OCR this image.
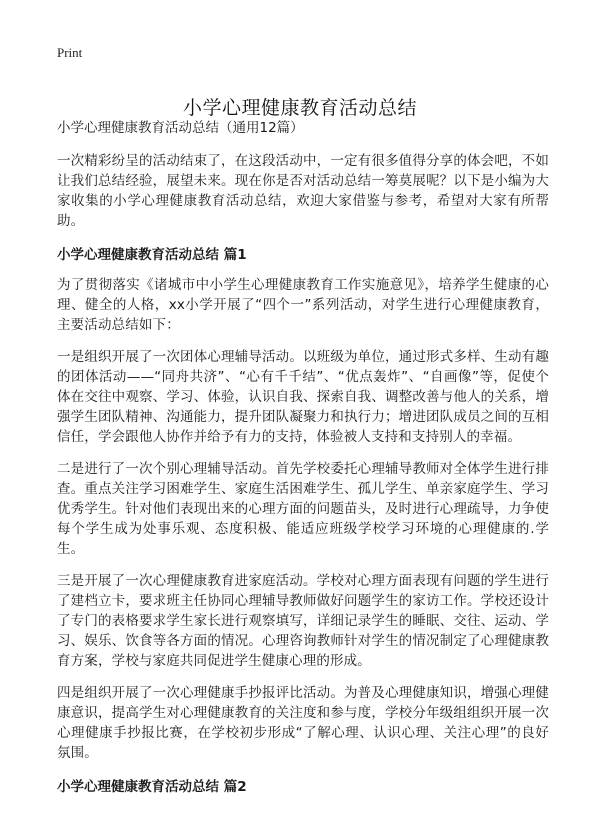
Print
小学心理健康教育活动总结
小学心理健康教育活动总结（通用12篇）

一次精彩纷呈的活动结束了，在这段活动中，一定有很多值得分享的体会吧，不如让我们总结经验，展望未来。现在你是否对活动总结一筹莫展呢？以下是小编为大家收集的小学心理健康教育活动总结，欢迎大家借鉴与参考，希望对大家有所帮助。

小学心理健康教育活动总结 篇1

为了贯彻落实《诸城市中小学生心理健康教育工作实施意见》，培养学生健康的心理、健全的人格，xx小学开展了“四个一”系列活动，对学生进行心理健康教育，主要活动总结如下：

一是组织开展了一次团体心理辅导活动。以班级为单位，通过形式多样、生动有趣的团体活动——“同舟共济”、“心有千千结”、“优点轰炸”、“自画像”等，促使个体在交往中观察、学习、体验，认识自我、探索自我、调整改善与他人的关系，增强学生团队精神、沟通能力，提升团队凝聚力和执行力；增进团队成员之间的互相信任，学会跟他人协作并给予有力的支持，体验被人支持和支持别人的幸福。

二是进行了一次个别心理辅导活动。首先学校委托心理辅导教师对全体学生进行排查。重点关注学习困难学生、家庭生活困难学生、孤儿学生、单亲家庭学生、学习优秀学生。针对他们表现出来的心理方面的问题苗头，及时进行心理疏导，力争使每个学生成为处事乐观、态度积极、能适应班级学校学习环境的心理健康的.学生。

三是开展了一次心理健康教育进家庭活动。学校对心理方面表现有问题的学生进行了建档立卡，要求班主任协同心理辅导教师做好问题学生的家访工作。学校还设计了专门的表格要求学生家长进行观察填写，详细记录学生的睡眠、交往、运动、学习、娱乐、饮食等各方面的情况。心理咨询教师针对学生的情况制定了心理健康教育方案，学校与家庭共同促进学生健康心理的形成。

四是组织开展了一次心理健康手抄报评比活动。为普及心理健康知识，增强心理健康意识，提高学生对心理健康教育的关注度和参与度，学校分年级组组织开展一次心理健康手抄报比赛，在学校初步形成“了解心理、认识心理、关注心理”的良好氛围。

小学心理健康教育活动总结 篇2
